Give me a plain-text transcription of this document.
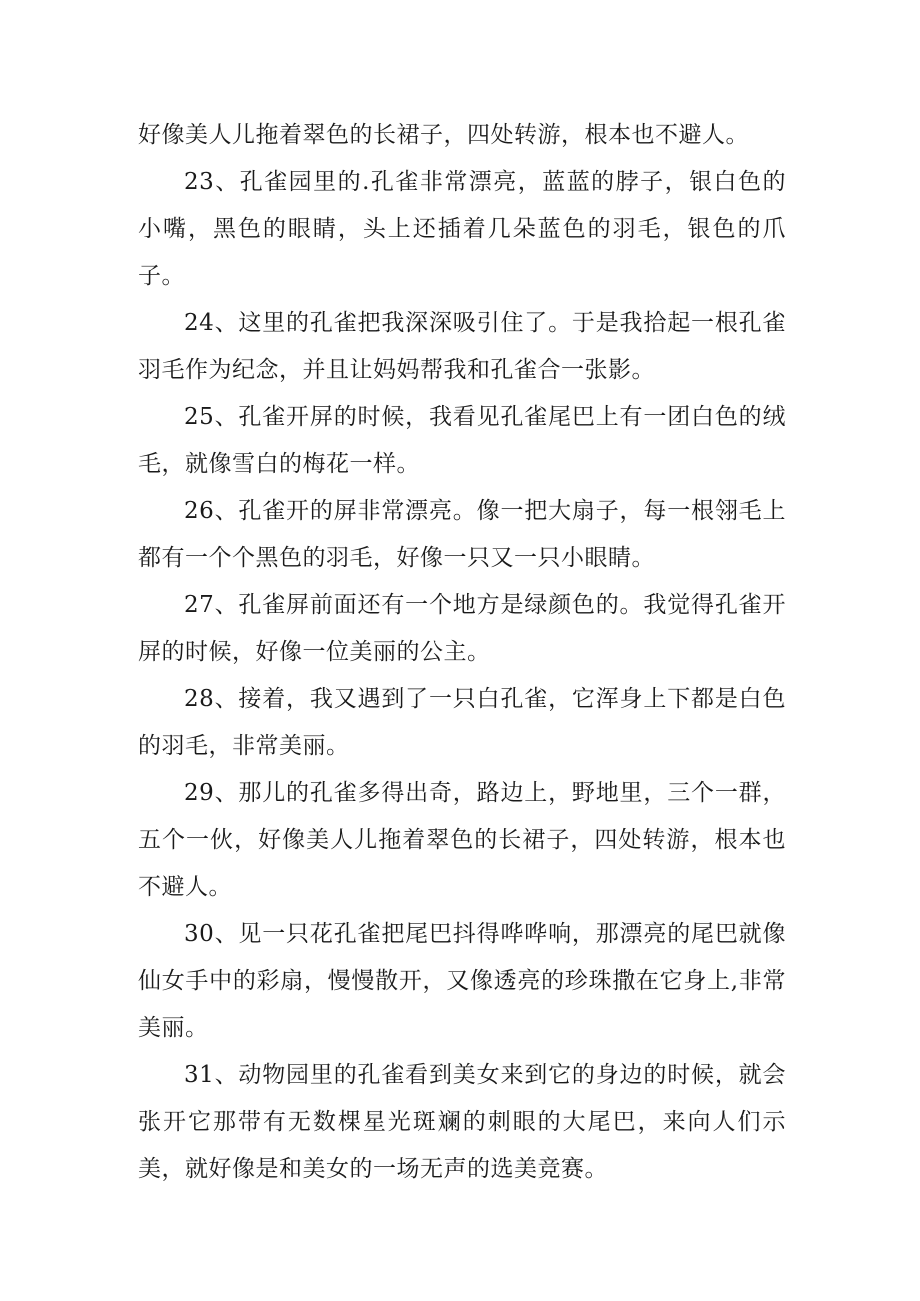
好像美人儿拖着翠色的长裙子，四处转游，根本也不避人。

23、孔雀园里的.孔雀非常漂亮，蓝蓝的脖子，银白色的小嘴，黑色的眼睛，头上还插着几朵蓝色的羽毛，银色的爪子。

24、这里的孔雀把我深深吸引住了。于是我拾起一根孔雀羽毛作为纪念，并且让妈妈帮我和孔雀合一张影。

25、孔雀开屏的时候，我看见孔雀尾巴上有一团白色的绒毛，就像雪白的梅花一样。

26、孔雀开的屏非常漂亮。像一把大扇子，每一根翎毛上都有一个个黑色的羽毛，好像一只又一只小眼睛。

27、孔雀屏前面还有一个地方是绿颜色的。我觉得孔雀开屏的时候，好像一位美丽的公主。

28、接着，我又遇到了一只白孔雀，它浑身上下都是白色的羽毛，非常美丽。

29、那儿的孔雀多得出奇，路边上，野地里，三个一群，五个一伙，好像美人儿拖着翠色的长裙子，四处转游，根本也不避人。

30、见一只花孔雀把尾巴抖得哗哗响，那漂亮的尾巴就像仙女手中的彩扇，慢慢散开，又像透亮的珍珠撒在它身上,非常美丽。

31、动物园里的孔雀看到美女来到它的身边的时候，就会张开它那带有无数棵星光斑斓的刺眼的大尾巴，来向人们示美，就好像是和美女的一场无声的选美竞赛。
